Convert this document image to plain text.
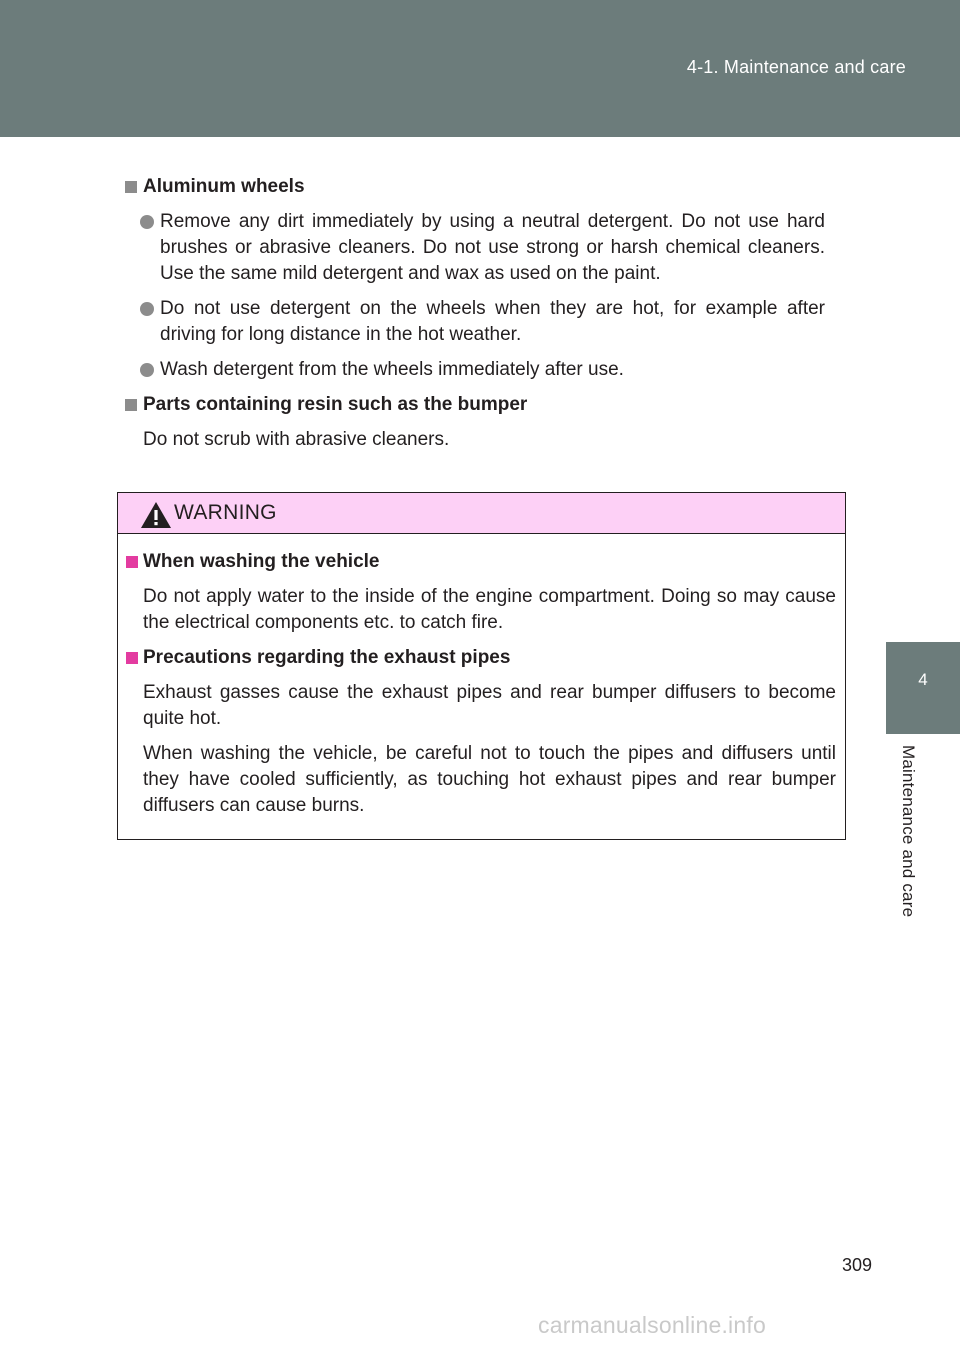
4-1. Maintenance and care
4
Maintenance and care
Aluminum wheels
Remove any dirt immediately by using a neutral detergent. Do not use hard brushes or abrasive cleaners. Do not use strong or harsh chemical cleaners. Use the same mild detergent and wax as used on the paint.
Do not use detergent on the wheels when they are hot, for example after driving for long distance in the hot weather.
Wash detergent from the wheels immediately after use.
Parts containing resin such as the bumper
Do not scrub with abrasive cleaners.
WARNING
When washing the vehicle
Do not apply water to the inside of the engine compartment. Doing so may cause the electrical components etc. to catch fire.
Precautions regarding the exhaust pipes
Exhaust gasses cause the exhaust pipes and rear bumper diffusers to become quite hot.
When washing the vehicle, be careful not to touch the pipes and diffusers until they have cooled sufficiently, as touching hot exhaust pipes and rear bumper diffusers can cause burns.
309
carmanualsonline.info
